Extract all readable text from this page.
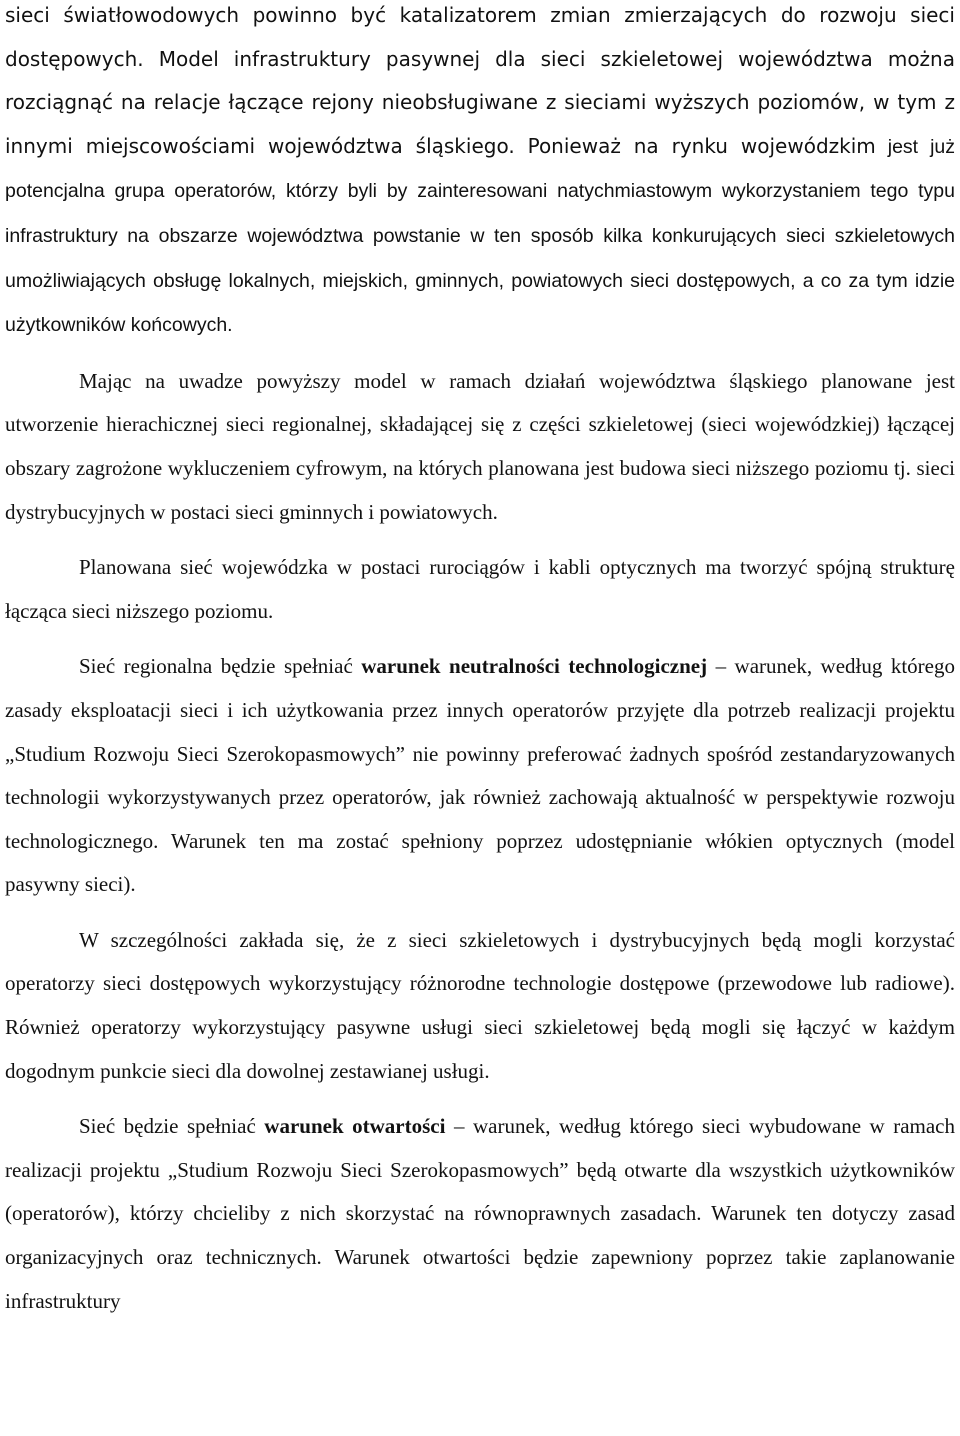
sieci światłowodowych powinno być katalizatorem zmian zmierzających do rozwoju sieci dostępowych. Model infrastruktury pasywnej dla sieci szkieletowej województwa można rozciągnąć na relacje łączące rejony nieobsługiwane z sieciami wyższych poziomów, w tym z innymi miejscowościami województwa śląskiego. Ponieważ na rynku wojewódzkim jest już potencjalna grupa operatorów, którzy byli by zainteresowani natychmiastowym wykorzystaniem tego typu infrastruktury na obszarze województwa powstanie w ten sposób kilka konkurujących sieci szkieletowych umożliwiających obsługę lokalnych, miejskich, gminnych, powiatowych sieci dostępowych, a co za tym idzie użytkowników końcowych.

Mając na uwadze powyższy model w ramach działań województwa śląskiego planowane jest utworzenie hierachicznej sieci regionalnej, składającej się z części szkieletowej (sieci wojewódzkiej) łączącej obszary zagrożone wykluczeniem cyfrowym, na których planowana jest budowa sieci niższego poziomu tj. sieci dystrybucyjnych w postaci sieci gminnych i powiatowych.

Planowana sieć wojewódzka w postaci rurociągów i kabli optycznych ma tworzyć spójną strukturę łącząca sieci niższego poziomu.

Sieć regionalna będzie spełniać warunek neutralności technologicznej – warunek, według którego zasady eksploatacji sieci i ich użytkowania przez innych operatorów przyjęte dla potrzeb realizacji projektu „Studium Rozwoju Sieci Szerokopasmowych” nie powinny preferować żadnych spośród zestandaryzowanych technologii wykorzystywanych przez operatorów, jak również zachowają aktualność w perspektywie rozwoju technologicznego. Warunek ten ma zostać spełniony poprzez udostępnianie włókien optycznych (model pasywny sieci).

W szczególności zakłada się, że z sieci szkieletowych i dystrybucyjnych będą mogli korzystać operatorzy sieci dostępowych wykorzystujący różnorodne technologie dostępowe (przewodowe lub radiowe). Również operatorzy wykorzystujący pasywne usługi sieci szkieletowej będą mogli się łączyć w każdym dogodnym punkcie sieci dla dowolnej zestawianej usługi.

Sieć będzie spełniać warunek otwartości – warunek, według którego sieci wybudowane w ramach realizacji projektu „Studium Rozwoju Sieci Szerokopasmowych” będą otwarte dla wszystkich użytkowników (operatorów), którzy chcieliby z nich skorzystać na równoprawnych zasadach. Warunek ten dotyczy zasad organizacyjnych oraz technicznych. Warunek otwartości będzie zapewniony poprzez takie zaplanowanie infrastruktury
